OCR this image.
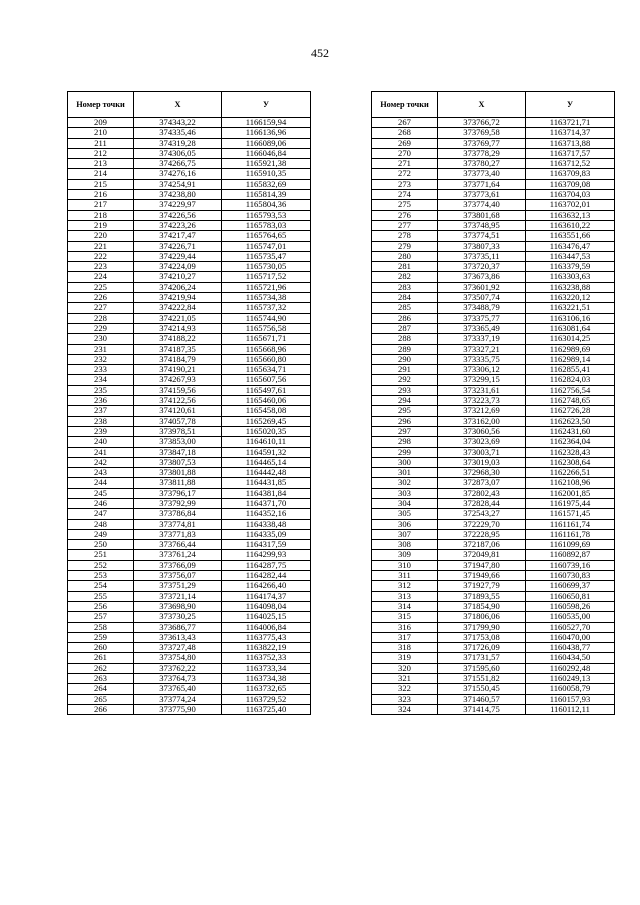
452
Номер точки	Х	У
209	374343,22	1166159,94
210	374335,46	1166136,96
211	374319,28	1166089,06
212	374306,05	1166046,84
213	374266,75	1165921,38
214	374276,16	1165910,35
215	374254,91	1165832,69
216	374238,80	1165814,39
217	374229,97	1165804,36
218	374226,56	1165793,53
219	374223,26	1165783,03
220	374217,47	1165764,65
221	374226,71	1165747,01
222	374229,44	1165735,47
223	374224,09	1165730,05
224	374210,27	1165717,52
225	374206,24	1165721,96
226	374219,94	1165734,38
227	374222,84	1165737,32
228	374221,05	1165744,90
229	374214,93	1165756,58
230	374188,22	1165671,71
231	374187,35	1165668,96
232	374184,79	1165660,80
233	374190,21	1165634,71
234	374267,93	1165607,56
235	374159,56	1165497,61
236	374122,56	1165460,06
237	374120,61	1165458,08
238	374057,78	1165269,45
239	373978,51	1165020,35
240	373853,00	1164610,11
241	373847,18	1164591,32
242	373807,53	1164465,14
243	373801,88	1164442,48
244	373811,88	1164431,85
245	373796,17	1164381,84
246	373792,99	1164371,70
247	373786,84	1164352,16
248	373774,81	1164338,48
249	373771,83	1164335,09
250	373766,44	1164317,59
251	373761,24	1164299,93
252	373766,09	1164287,75
253	373756,07	1164282,44
254	373751,29	1164266,40
255	373721,14	1164174,37
256	373698,90	1164098,04
257	373730,25	1164025,15
258	373686,77	1164006,84
259	373613,43	1163775,43
260	373727,48	1163822,19
261	373754,80	1163752,33
262	373762,22	1163733,34
263	373764,73	1163734,38
264	373765,40	1163732,65
265	373774,24	1163729,52
266	373775,90	1163725,40
Номер точки	Х	У
267	373766,72	1163721,71
268	373769,58	1163714,37
269	373769,77	1163713,88
270	373778,29	1163717,57
271	373780,27	1163712,52
272	373773,40	1163709,83
273	373771,64	1163709,08
274	373773,61	1163704,03
275	373774,40	1163702,01
276	373801,68	1163632,13
277	373748,95	1163610,22
278	373774,51	1163551,66
279	373807,33	1163476,47
280	373735,11	1163447,53
281	373720,37	1163379,59
282	373673,86	1163303,63
283	373601,92	1163238,88
284	373507,74	1163220,12
285	373488,79	1163221,51
286	373375,77	1163106,16
287	373365,49	1163081,64
288	373337,19	1163014,25
289	373327,21	1162989,69
290	373335,75	1162989,14
291	373306,12	1162855,41
292	373299,15	1162824,03
293	373231,61	1162756,54
294	373223,73	1162748,65
295	373212,69	1162726,28
296	373162,00	1162623,50
297	373060,56	1162431,60
298	373023,69	1162364,04
299	373003,71	1162328,43
300	373019,03	1162308,64
301	372968,30	1162266,51
302	372873,07	1162108,96
303	372802,43	1162001,85
304	372828,44	1161975,44
305	372543,27	1161571,45
306	372229,70	1161161,74
307	372228,95	1161161,78
308	372187,06	1161099,69
309	372049,81	1160892,87
310	371947,80	1160739,16
311	371949,66	1160730,83
312	371927,79	1160699,37
313	371893,55	1160650,81
314	371854,90	1160598,26
315	371806,06	1160535,00
316	371799,90	1160527,70
317	371753,08	1160470,00
318	371726,09	1160438,77
319	371731,57	1160434,50
320	371595,60	1160292,48
321	371551,82	1160249,13
322	371550,45	1160058,79
323	371460,57	1160157,93
324	371414,75	1160112,11
